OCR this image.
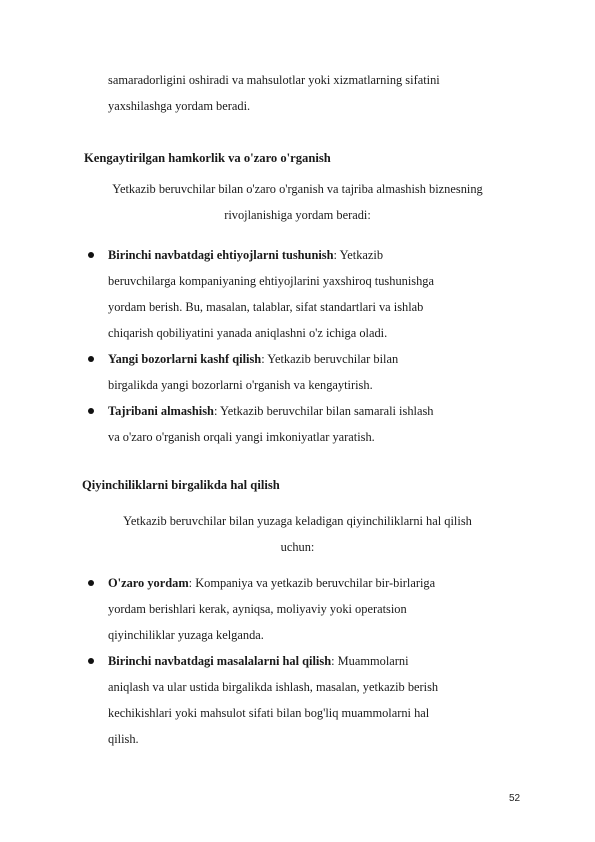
samaradorligini oshiradi va mahsulotlar yoki xizmatlarning sifatini
yaxshilashga yordam beradi.
Kengaytirilgan hamkorlik va o'zaro o'rganish
Yetkazib beruvchilar bilan o'zaro o'rganish va tajriba almashish biznesning
rivojlanishiga yordam beradi:
Birinchi navbatdagi ehtiyojlarni tushunish: Yetkazib
beruvchilarga kompaniyaning ehtiyojlarini yaxshiroq tushunishga
yordam berish. Bu, masalan, talablar, sifat standartlari va ishlab
chiqarish qobiliyatini yanada aniqlashni o'z ichiga oladi.
Yangi bozorlarni kashf qilish: Yetkazib beruvchilar bilan
birgalikda yangi bozorlarni o'rganish va kengaytirish.
Tajribani almashish: Yetkazib beruvchilar bilan samarali ishlash
va o'zaro o'rganish orqali yangi imkoniyatlar yaratish.
Qiyinchiliklarni birgalikda hal qilish
Yetkazib beruvchilar bilan yuzaga keladigan qiyinchiliklarni hal qilish
uchun:
O'zaro yordam: Kompaniya va yetkazib beruvchilar bir-birlariga
yordam berishlari kerak, ayniqsa, moliyaviy yoki operatsion
qiyinchiliklar yuzaga kelganda.
Birinchi navbatdagi masalalarni hal qilish: Muammolarni
aniqlash va ular ustida birgalikda ishlash, masalan, yetkazib berish
kechikishlari yoki mahsulot sifati bilan bog'liq muammolarni hal
qilish.
52
